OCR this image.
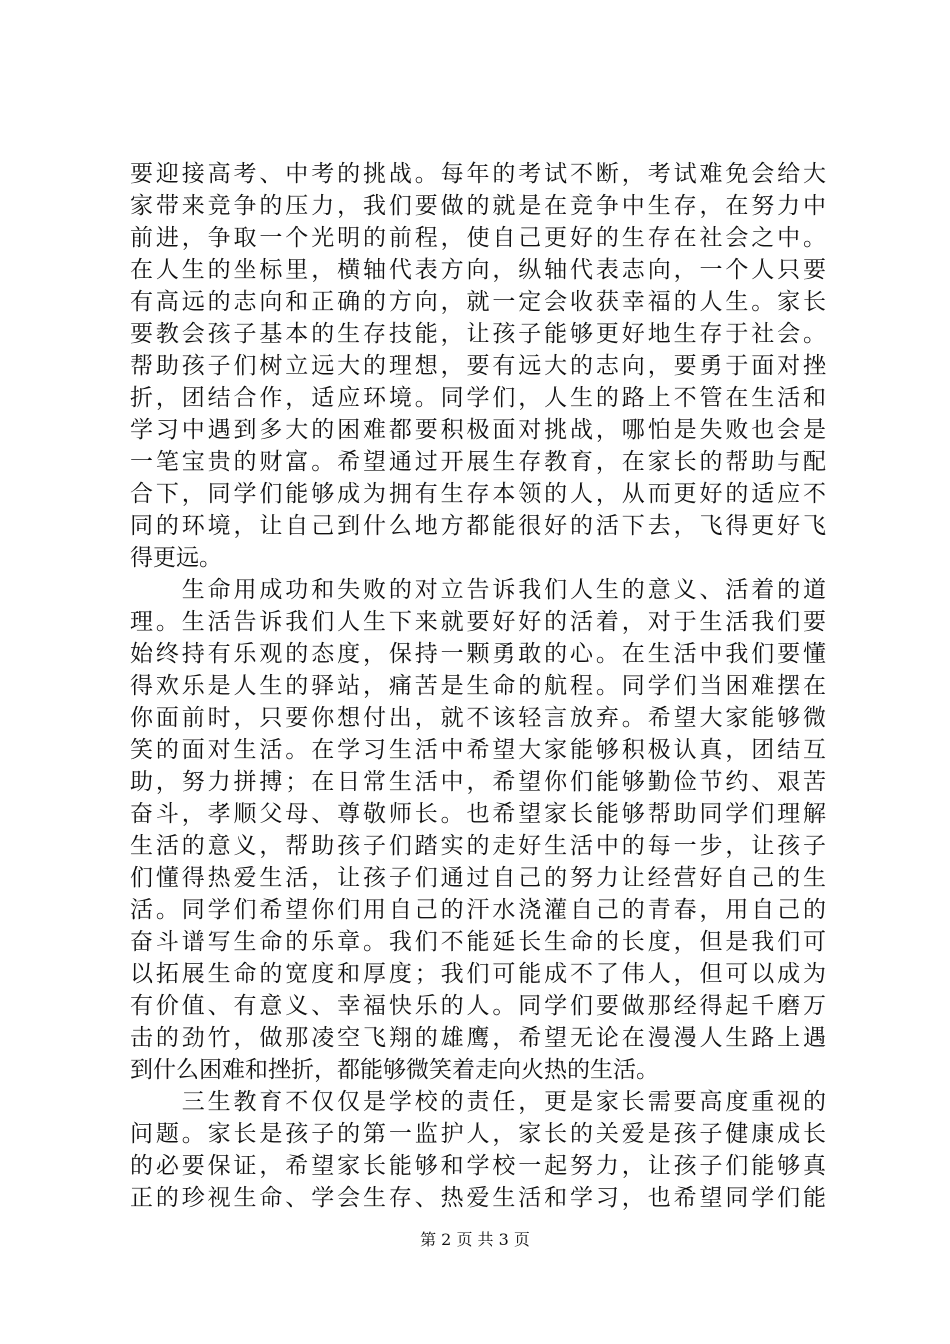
要迎接高考、中考的挑战。每年的考试不断，考试难免会给大
家带来竞争的压力，我们要做的就是在竞争中生存，在努力中
前进，争取一个光明的前程，使自己更好的生存在社会之中。
在人生的坐标里，横轴代表方向，纵轴代表志向，一个人只要
有高远的志向和正确的方向，就一定会收获幸福的人生。家长
要教会孩子基本的生存技能，让孩子能够更好地生存于社会。
帮助孩子们树立远大的理想，要有远大的志向，要勇于面对挫
折，团结合作，适应环境。同学们，人生的路上不管在生活和
学习中遇到多大的困难都要积极面对挑战，哪怕是失败也会是
一笔宝贵的财富。希望通过开展生存教育，在家长的帮助与配
合下，同学们能够成为拥有生存本领的人，从而更好的适应不
同的环境，让自己到什么地方都能很好的活下去，飞得更好飞
得更远。
　　生命用成功和失败的对立告诉我们人生的意义、活着的道
理。生活告诉我们人生下来就要好好的活着，对于生活我们要
始终持有乐观的态度，保持一颗勇敢的心。在生活中我们要懂
得欢乐是人生的驿站，痛苦是生命的航程。同学们当困难摆在
你面前时，只要你想付出，就不该轻言放弃。希望大家能够微
笑的面对生活。在学习生活中希望大家能够积极认真，团结互
助，努力拼搏；在日常生活中，希望你们能够勤俭节约、艰苦
奋斗，孝顺父母、尊敬师长。也希望家长能够帮助同学们理解
生活的意义，帮助孩子们踏实的走好生活中的每一步，让孩子
们懂得热爱生活，让孩子们通过自己的努力让经营好自己的生
活。同学们希望你们用自己的汗水浇灌自己的青春，用自己的
奋斗谱写生命的乐章。我们不能延长生命的长度，但是我们可
以拓展生命的宽度和厚度；我们可能成不了伟人，但可以成为
有价值、有意义、幸福快乐的人。同学们要做那经得起千磨万
击的劲竹，做那凌空飞翔的雄鹰，希望无论在漫漫人生路上遇
到什么困难和挫折，都能够微笑着走向火热的生活。
　　三生教育不仅仅是学校的责任，更是家长需要高度重视的
问题。家长是孩子的第一监护人，家长的关爱是孩子健康成长
的必要保证，希望家长能够和学校一起努力，让孩子们能够真
正的珍视生命、学会生存、热爱生活和学习，也希望同学们能
第 2 页 共 3 页
